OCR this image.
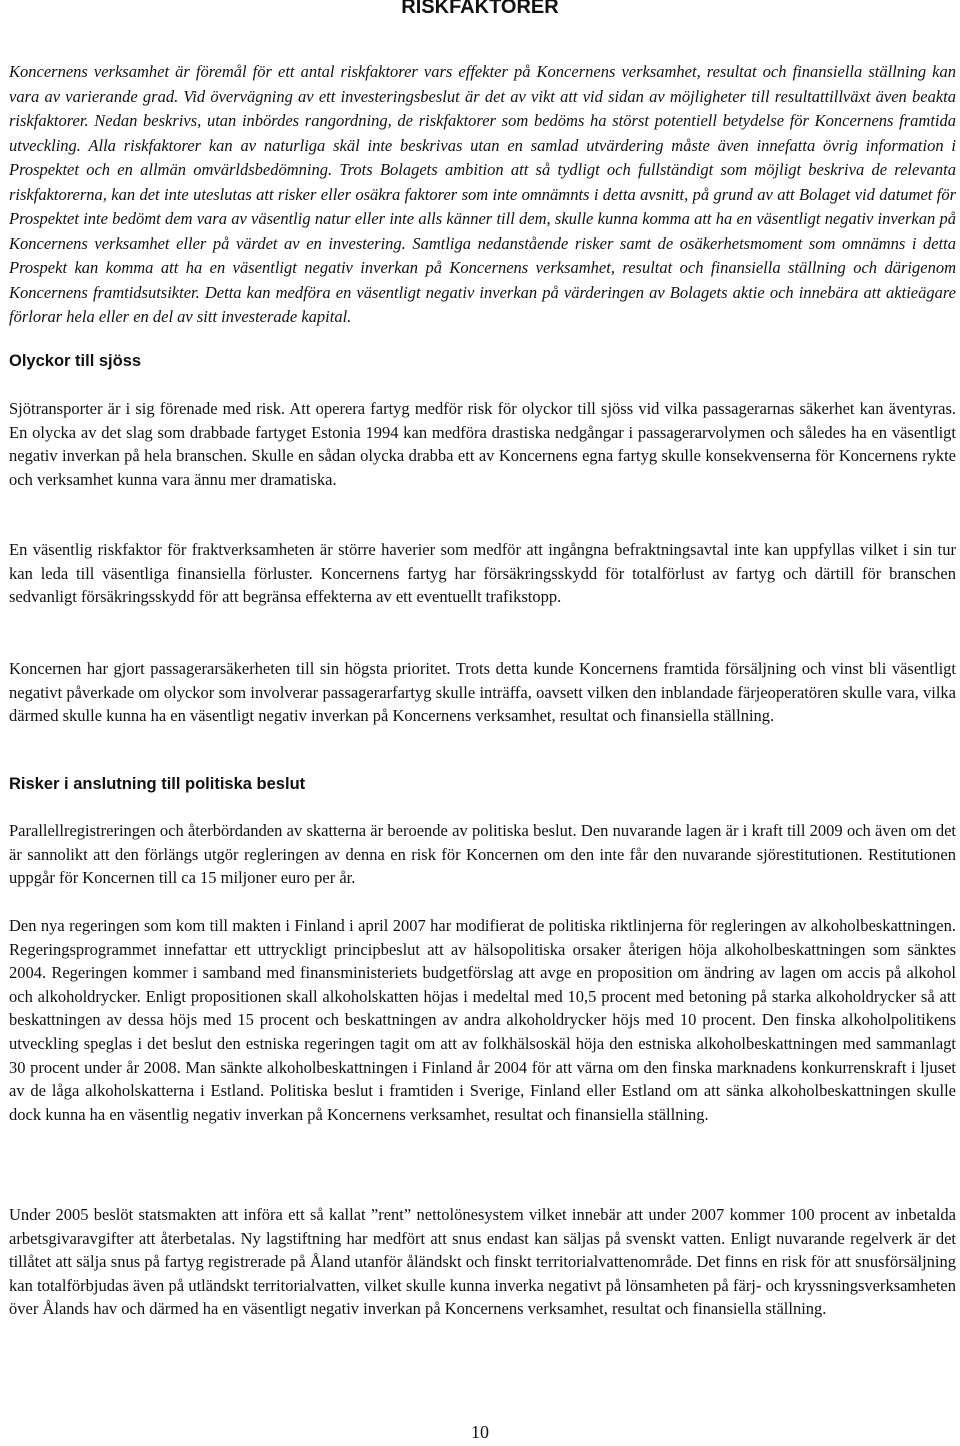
RISKFAKTORER

Koncernens verksamhet är föremål för ett antal riskfaktorer vars effekter på Koncernens verksamhet, resultat och finansiella ställning kan vara av varierande grad. Vid övervägning av ett investeringsbeslut är det av vikt att vid sidan av möjligheter till resultattillväxt även beakta riskfaktorer. Nedan beskrivs, utan inbördes rangordning, de riskfaktorer som bedöms ha störst potentiell betydelse för Koncernens framtida utveckling. Alla riskfaktorer kan av naturliga skäl inte beskrivas utan en samlad utvärdering måste även innefatta övrig information i Prospektet och en allmän omvärldsbedömning. Trots Bolagets ambition att så tydligt och fullständigt som möjligt beskriva de relevanta riskfaktorerna, kan det inte uteslutas att risker eller osäkra faktorer som inte omnämnts i detta avsnitt, på grund av att Bolaget vid datumet för Prospektet inte bedömt dem vara av väsentlig natur eller inte alls känner till dem, skulle kunna komma att ha en väsentligt negativ inverkan på Koncernens verksamhet eller på värdet av en investering. Samtliga nedanstående risker samt de osäkerhetsmoment som omnämns i detta Prospekt kan komma att ha en väsentligt negativ inverkan på Koncernens verksamhet, resultat och finansiella ställning och därigenom Koncernens framtidsutsikter. Detta kan medföra en väsentligt negativ inverkan på värderingen av Bolagets aktie och innebära att aktieägare förlorar hela eller en del av sitt investerade kapital.

Olyckor till sjöss

Sjötransporter är i sig förenade med risk. Att operera fartyg medför risk för olyckor till sjöss vid vilka passagerarnas säkerhet kan äventyras. En olycka av det slag som drabbade fartyget Estonia 1994 kan medföra drastiska nedgångar i passagerarvolymen och således ha en väsentligt negativ inverkan på hela branschen. Skulle en sådan olycka drabba ett av Koncernens egna fartyg skulle konsekvenserna för Koncernens rykte och verksamhet kunna vara ännu mer dramatiska.

En väsentlig riskfaktor för fraktverksamheten är större haverier som medför att ingångna befraktningsavtal inte kan uppfyllas vilket i sin tur kan leda till väsentliga finansiella förluster. Koncernens fartyg har försäkringsskydd för totalförlust av fartyg och därtill för branschen sedvanligt försäkringsskydd för att begränsa effekterna av ett eventuellt trafikstopp.

Koncernen har gjort passagerarsäkerheten till sin högsta prioritet. Trots detta kunde Koncernens framtida försäljning och vinst bli väsentligt negativt påverkade om olyckor som involverar passagerarfartyg skulle inträffa, oavsett vilken den inblandade färjeoperatören skulle vara, vilka därmed skulle kunna ha en väsentligt negativ inverkan på Koncernens verksamhet, resultat och finansiella ställning.

Risker i anslutning till politiska beslut

Parallellregistreringen och återbördanden av skatterna är beroende av politiska beslut. Den nuvarande lagen är i kraft till 2009 och även om det är sannolikt att den förlängs utgör regleringen av denna en risk för Koncernen om den inte får den nuvarande sjörestitutionen. Restitutionen uppgår för Koncernen till ca 15 miljoner euro per år.

Den nya regeringen som kom till makten i Finland i april 2007 har modifierat de politiska riktlinjerna för regleringen av alkoholbeskattningen. Regeringsprogrammet innefattar ett uttryckligt principbeslut att av hälsopolitiska orsaker återigen höja alkoholbeskattningen som sänktes 2004. Regeringen kommer i samband med finansministeriets budgetförslag att avge en proposition om ändring av lagen om accis på alkohol och alkoholdrycker. Enligt propositionen skall alkoholskatten höjas i medeltal med 10,5 procent med betoning på starka alkoholdrycker så att beskattningen av dessa höjs med 15 procent och beskattningen av andra alkoholdrycker höjs med 10 procent. Den finska alkoholpolitikens utveckling speglas i det beslut den estniska regeringen tagit om att av folkhälsoskäl höja den estniska alkoholbeskattningen med sammanlagt 30 procent under år 2008. Man sänkte alkoholbeskattningen i Finland år 2004 för att värna om den finska marknadens konkurrenskraft i ljuset av de låga alkoholskatterna i Estland. Politiska beslut i framtiden i Sverige, Finland eller Estland om att sänka alkoholbeskattningen skulle dock kunna ha en väsentlig negativ inverkan på Koncernens verksamhet, resultat och finansiella ställning.

Under 2005 beslöt statsmakten att införa ett så kallat ”rent” nettolönesystem vilket innebär att under 2007 kommer 100 procent av inbetalda arbetsgivaravgifter att återbetalas. Ny lagstiftning har medfört att snus endast kan säljas på svenskt vatten. Enligt nuvarande regelverk är det tillåtet att sälja snus på fartyg registrerade på Åland utanför åländskt och finskt territorialvattenområde. Det finns en risk för att snusförsäljning kan totalförbjudas även på utländskt territorialvatten, vilket skulle kunna inverka negativt på lönsamheten på färj- och kryssningsverksamheten över Ålands hav och därmed ha en väsentligt negativ inverkan på Koncernens verksamhet, resultat och finansiella ställning.

10
